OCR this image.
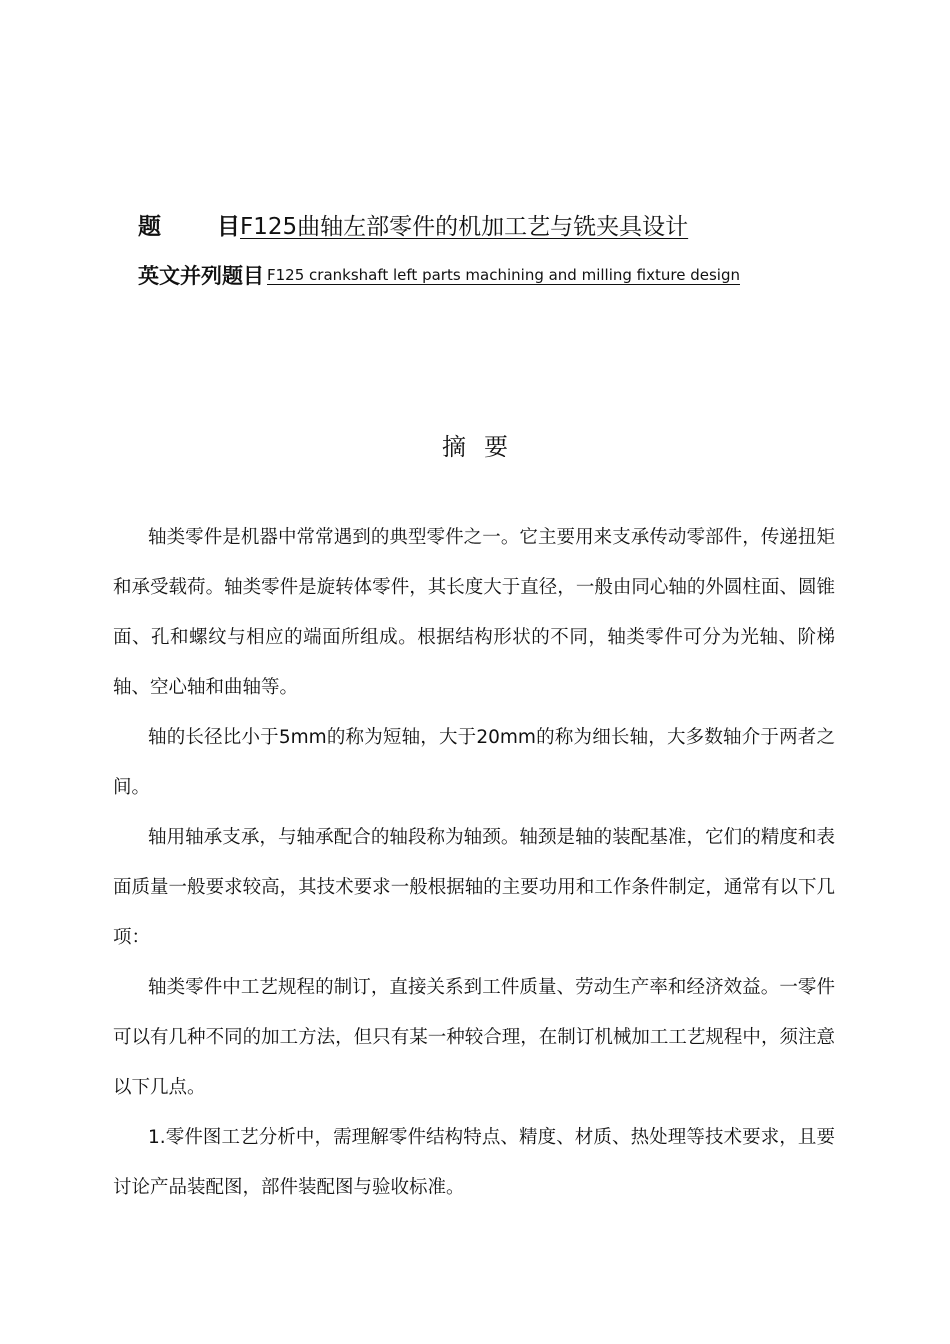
题 目 F125曲轴左部零件的机加工艺与铣夹具设计
英文并列题目 F125 crankshaft left parts machining and milling fixture design
摘要

轴类零件是机器中常常遇到的典型零件之一。它主要用来支承传动零部件，传递扭矩和承受载荷。轴类零件是旋转体零件，其长度大于直径，一般由同心轴的外圆柱面、圆锥面、孔和螺纹与相应的端面所组成。根据结构形状的不同，轴类零件可分为光轴、阶梯轴、空心轴和曲轴等。

轴的长径比小于5mm的称为短轴，大于20mm的称为细长轴，大多数轴介于两者之间。

轴用轴承支承，与轴承配合的轴段称为轴颈。轴颈是轴的装配基准，它们的精度和表面质量一般要求较高，其技术要求一般根据轴的主要功用和工作条件制定，通常有以下几项：

轴类零件中工艺规程的制订，直接关系到工件质量、劳动生产率和经济效益。一零件可以有几种不同的加工方法，但只有某一种较合理，在制订机械加工工艺规程中，须注意以下几点。

1.零件图工艺分析中，需理解零件结构特点、精度、材质、热处理等技术要求，且要讨论产品装配图，部件装配图与验收标准。
